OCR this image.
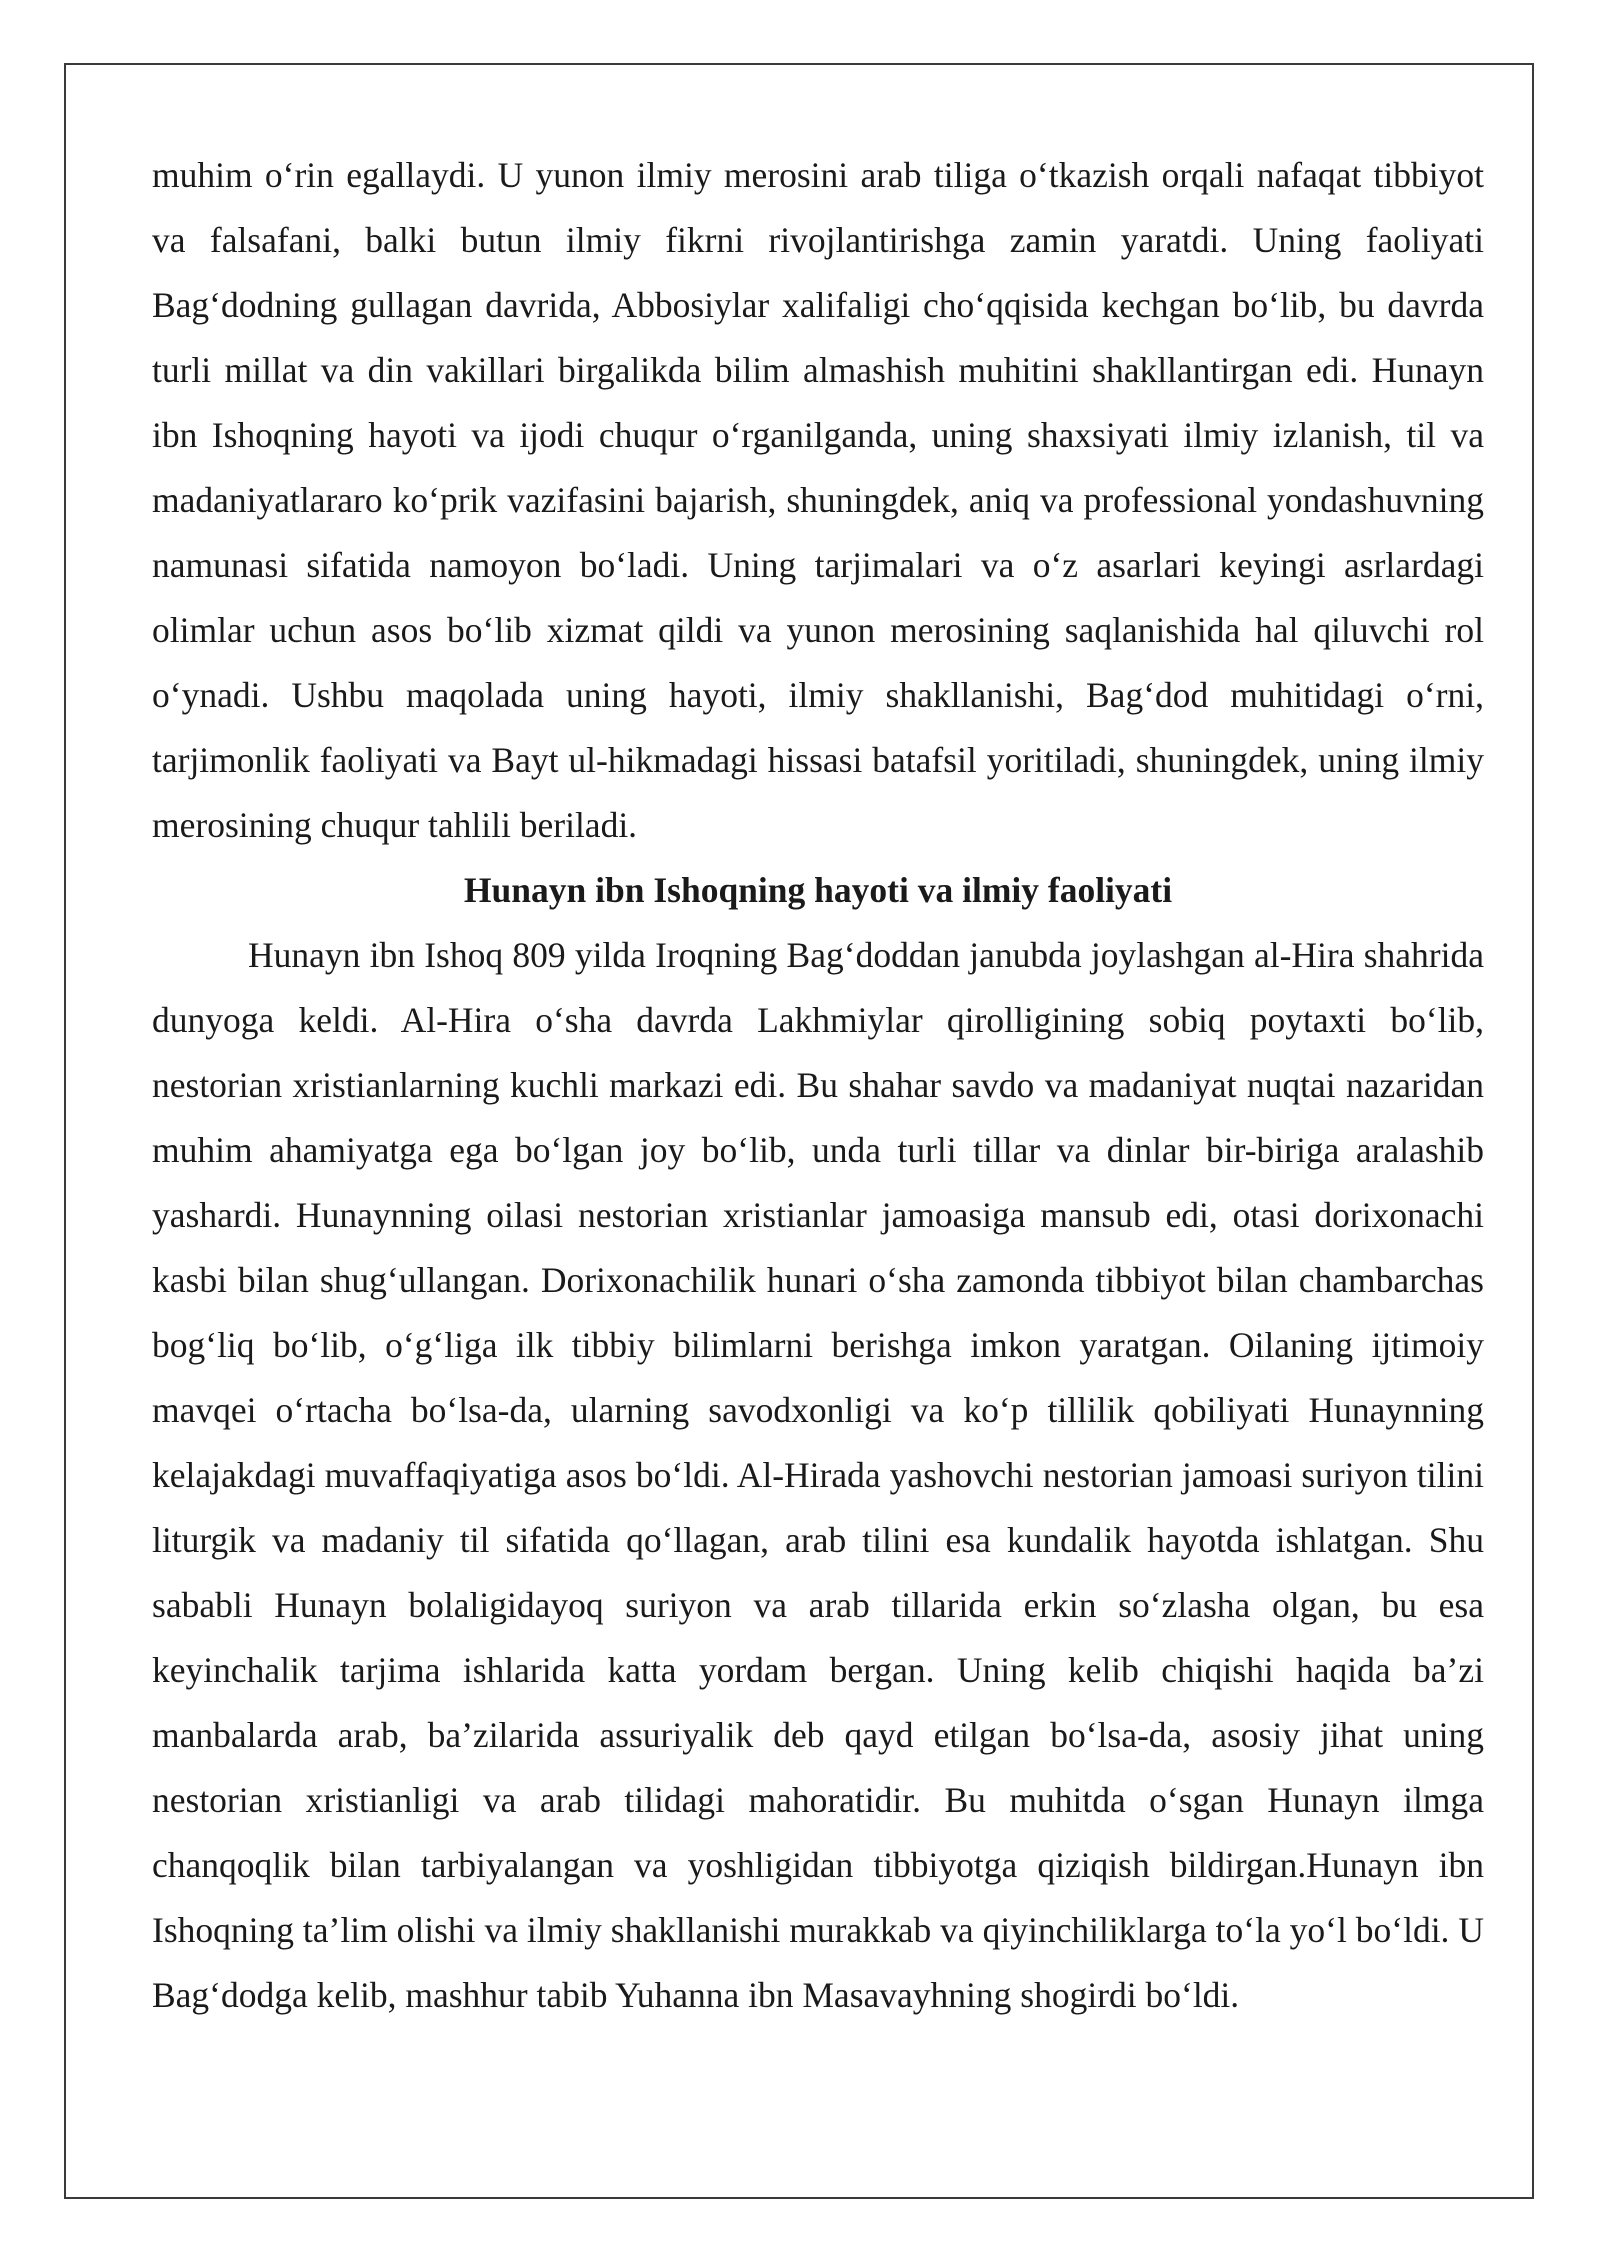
muhim o‘rin egallaydi. U yunon ilmiy merosini arab tiliga o‘tkazish orqali nafaqat tibbiyot va falsafani, balki butun ilmiy fikrni rivojlantirishga zamin yaratdi. Uning faoliyati Bag‘dodning gullagan davrida, Abbosiylar xalifaligi cho‘qqisida kechgan bo‘lib, bu davrda turli millat va din vakillari birgalikda bilim almashish muhitini shakllantirgan edi. Hunayn ibn Ishoqning hayoti va ijodi chuqur o‘rganilganda, uning shaxsiyati ilmiy izlanish, til va madaniyatlararo ko‘prik vazifasini bajarish, shuningdek, aniq va professional yondashuvning namunasi sifatida namoyon bo‘ladi. Uning tarjimalari va o‘z asarlari keyingi asrlardagi olimlar uchun asos bo‘lib xizmat qildi va yunon merosining saqlanishida hal qiluvchi rol o‘ynadi. Ushbu maqolada uning hayoti, ilmiy shakllanishi, Bag‘dod muhitidagi o‘rni, tarjimonlik faoliyati va Bayt ul-hikmadagi hissasi batafsil yoritiladi, shuningdek, uning ilmiy merosining chuqur tahlili beriladi.

Hunayn ibn Ishoqning hayoti va ilmiy faoliyati

Hunayn ibn Ishoq 809 yilda Iroqning Bag‘doddan janubda joylashgan al-Hira shahrida dunyoga keldi. Al-Hira o‘sha davrda Lakhmiylar qirolligining sobiq poytaxti bo‘lib, nestorian xristianlarning kuchli markazi edi. Bu shahar savdo va madaniyat nuqtai nazaridan muhim ahamiyatga ega bo‘lgan joy bo‘lib, unda turli tillar va dinlar bir-biriga aralashib yashardi. Hunaynning oilasi nestorian xristianlar jamoasiga mansub edi, otasi dorixonachi kasbi bilan shug‘ullangan. Dorixonachilik hunari o‘sha zamonda tibbiyot bilan chambarchas bog‘liq bo‘lib, o‘g‘liga ilk tibbiy bilimlarni berishga imkon yaratgan. Oilaning ijtimoiy mavqei o‘rtacha bo‘lsa-da, ularning savodxonligi va ko‘p tillilik qobiliyati Hunaynning kelajakdagi muvaffaqiyatiga asos bo‘ldi. Al-Hirada yashovchi nestorian jamoasi suriyon tilini liturgik va madaniy til sifatida qo‘llagan, arab tilini esa kundalik hayotda ishlatgan. Shu sababli Hunayn bolaligidayoq suriyon va arab tillarida erkin so‘zlasha olgan, bu esa keyinchalik tarjima ishlarida katta yordam bergan. Uning kelib chiqishi haqida ba’zi manbalarda arab, ba’zilarida assuriyalik deb qayd etilgan bo‘lsa-da, asosiy jihat uning nestorian xristianligi va arab tilidagi mahoratidir. Bu muhitda o‘sgan Hunayn ilmga chanqoqlik bilan tarbiyalangan va yoshligidan tibbiyotga qiziqish bildirgan.Hunayn ibn Ishoqning ta’lim olishi va ilmiy shakllanishi murakkab va qiyinchiliklarga to‘la yo‘l bo‘ldi. U Bag‘dodga kelib, mashhur tabib Yuhanna ibn Masavayhning shogirdi bo‘ldi.
